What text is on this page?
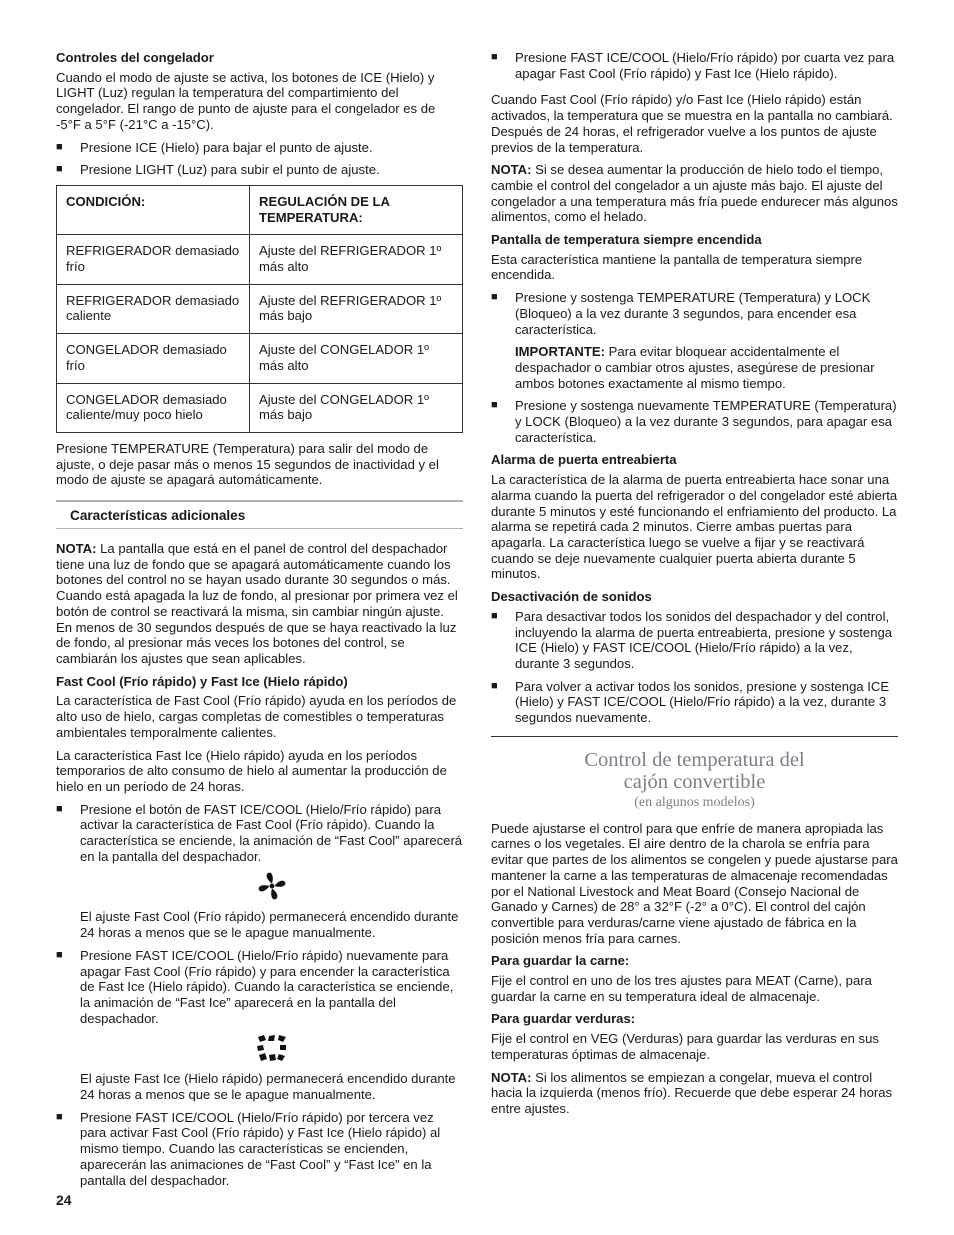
Controles del congelador

Cuando el modo de ajuste se activa, los botones de ICE (Hielo) y LIGHT (Luz) regulan la temperatura del compartimiento del congelador. El rango de punto de ajuste para el congelador es de -5°F a 5°F (-21°C a -15°C).

■	Presione ICE (Hielo) para bajar el punto de ajuste.
■	Presione LIGHT (Luz) para subir el punto de ajuste.
CONDICIÓN:	REGULACIÓN DE LA TEMPERATURA:
REFRIGERADOR demasiado frío	Ajuste del REFRIGERADOR 1º más alto
REFRIGERADOR demasiado caliente	Ajuste del REFRIGERADOR 1º más bajo
CONGELADOR demasiado frío	Ajuste del CONGELADOR 1º más alto
CONGELADOR demasiado caliente/muy poco hielo	Ajuste del CONGELADOR 1º más bajo

Presione TEMPERATURE (Temperatura) para salir del modo de ajuste, o deje pasar más o menos 15 segundos de inactividad y el modo de ajuste se apagará automáticamente.

Características adicionales

NOTA: La pantalla que está en el panel de control del despachador tiene una luz de fondo que se apagará automáticamente cuando los botones del control no se hayan usado durante 30 segundos o más. Cuando está apagada la luz de fondo, al presionar por primera vez el botón de control se reactivará la misma, sin cambiar ningún ajuste. En menos de 30 segundos después de que se haya reactivado la luz de fondo, al presionar más veces los botones del control, se cambiarán los ajustes que sean aplicables.

Fast Cool (Frío rápido) y Fast Ice (Hielo rápido)

La característica de Fast Cool (Frío rápido) ayuda en los períodos de alto uso de hielo, cargas completas de comestibles o temperaturas ambientales temporalmente calientes.

La característica Fast Ice (Hielo rápido) ayuda en los períodos temporarios de alto consumo de hielo al aumentar la producción de hielo en un período de 24 horas.

■	Presione el botón de FAST ICE/COOL (Hielo/Frío rápido) para activar la característica de Fast Cool (Frío rápido). Cuando la característica se enciende, la animación de “Fast Cool” aparecerá en la pantalla del despachador.

El ajuste Fast Cool (Frío rápido) permanecerá encendido durante 24 horas a menos que se le apague manualmente.

■	Presione FAST ICE/COOL (Hielo/Frío rápido) nuevamente para apagar Fast Cool (Frío rápido) y para encender la característica de Fast Ice (Hielo rápido). Cuando la característica se enciende, la animación de “Fast Ice” aparecerá en la pantalla del despachador.

El ajuste Fast Ice (Hielo rápido) permanecerá encendido durante 24 horas a menos que se le apague manualmente.

■	Presione FAST ICE/COOL (Hielo/Frío rápido) por tercera vez para activar Fast Cool (Frío rápido) y Fast Ice (Hielo rápido) al mismo tiempo. Cuando las características se encienden, aparecerán las animaciones de “Fast Cool” y “Fast Ice” en la pantalla del despachador.
■	Presione FAST ICE/COOL (Hielo/Frío rápido) por cuarta vez para apagar Fast Cool (Frío rápido) y Fast Ice (Hielo rápido).

Cuando Fast Cool (Frío rápido) y/o Fast Ice (Hielo rápido) están activados, la temperatura que se muestra en la pantalla no cambiará. Después de 24 horas, el refrigerador vuelve a los puntos de ajuste previos de la temperatura.

NOTA: Si se desea aumentar la producción de hielo todo el tiempo, cambie el control del congelador a un ajuste más bajo. El ajuste del congelador a una temperatura más fría puede endurecer más algunos alimentos, como el helado.

Pantalla de temperatura siempre encendida

Esta característica mantiene la pantalla de temperatura siempre encendida.

■	Presione y sostenga TEMPERATURE (Temperatura) y LOCK (Bloqueo) a la vez durante 3 segundos, para encender esa característica.

IMPORTANTE: Para evitar bloquear accidentalmente el despachador o cambiar otros ajustes, asegúrese de presionar ambos botones exactamente al mismo tiempo.

■	Presione y sostenga nuevamente TEMPERATURE (Temperatura) y LOCK (Bloqueo) a la vez durante 3 segundos, para apagar esa característica.
Alarma de puerta entreabierta

La característica de la alarma de puerta entreabierta hace sonar una alarma cuando la puerta del refrigerador o del congelador esté abierta durante 5 minutos y esté funcionando el enfriamiento del producto. La alarma se repetirá cada 2 minutos. Cierre ambas puertas para apagarla. La característica luego se vuelve a fijar y se reactivará cuando se deje nuevamente cualquier puerta abierta durante 5 minutos.

Desactivación de sonidos
■	Para desactivar todos los sonidos del despachador y del control, incluyendo la alarma de puerta entreabierta, presione y sostenga ICE (Hielo) y FAST ICE/COOL (Hielo/Frío rápido) a la vez, durante 3 segundos.
■	Para volver a activar todos los sonidos, presione y sostenga ICE (Hielo) y FAST ICE/COOL (Hielo/Frío rápido) a la vez, durante 3 segundos nuevamente.
Control de temperatura del
cajón convertible
(en algunos modelos)

Puede ajustarse el control para que enfríe de manera apropiada las carnes o los vegetales. El aire dentro de la charola se enfría para evitar que partes de los alimentos se congelen y puede ajustarse para mantener la carne a las temperaturas de almacenaje recomendadas por el National Livestock and Meat Board (Consejo Nacional de Ganado y Carnes) de 28° a 32°F (-2° a 0°C). El control del cajón convertible para verduras/carne viene ajustado de fábrica en la posición menos fría para carnes.

Para guardar la carne:

Fije el control en uno de los tres ajustes para MEAT (Carne), para guardar la carne en su temperatura ideal de almacenaje.

Para guardar verduras:

Fije el control en VEG (Verduras) para guardar las verduras en sus temperaturas óptimas de almacenaje.

NOTA: Si los alimentos se empiezan a congelar, mueva el control hacia la izquierda (menos frío). Recuerde que debe esperar 24 horas entre ajustes.

24
